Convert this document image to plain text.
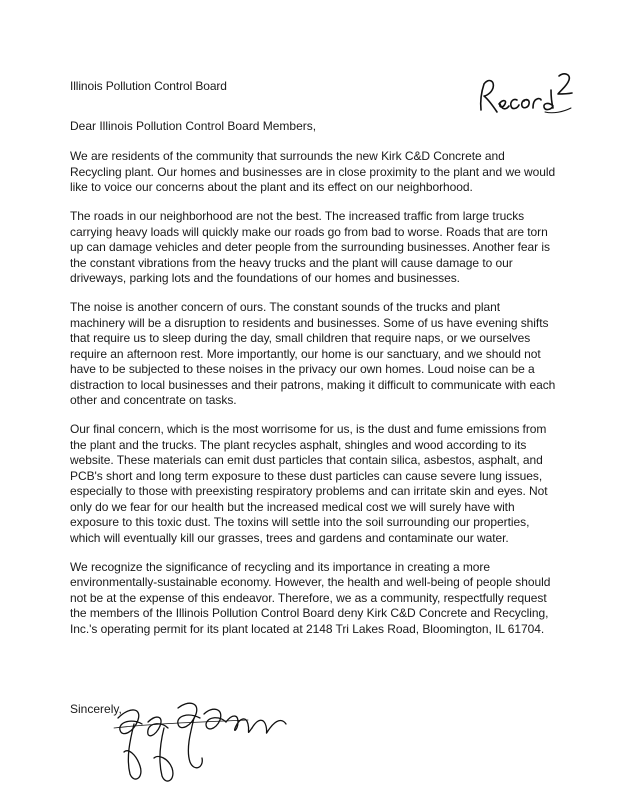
Illinois Pollution Control Board
Dear Illinois Pollution Control Board Members,

We are residents of the community that surrounds the new Kirk C&D Concrete and Recycling plant. Our homes and businesses are in close proximity to the plant and we would like to voice our concerns about the plant and its effect on our neighborhood.

The roads in our neighborhood are not the best. The increased traffic from large trucks carrying heavy loads will quickly make our roads go from bad to worse. Roads that are torn up can damage vehicles and deter people from the surrounding businesses. Another fear is the constant vibrations from the heavy trucks and the plant will cause damage to our driveways, parking lots and the foundations of our homes and businesses.

The noise is another concern of ours. The constant sounds of the trucks and plant machinery will be a disruption to residents and businesses. Some of us have evening shifts that require us to sleep during the day, small children that require naps, or we ourselves require an afternoon rest. More importantly, our home is our sanctuary, and we should not have to be subjected to these noises in the privacy our own homes. Loud noise can be a distraction to local businesses and their patrons, making it difficult to communicate with each other and concentrate on tasks.

Our final concern, which is the most worrisome for us, is the dust and fume emissions from the plant and the trucks. The plant recycles asphalt, shingles and wood according to its website. These materials can emit dust particles that contain silica, asbestos, asphalt, and PCB's short and long term exposure to these dust particles can cause severe lung issues, especially to those with preexisting respiratory problems and can irritate skin and eyes. Not only do we fear for our health but the increased medical cost we will surely have with exposure to this toxic dust. The toxins will settle into the soil surrounding our properties, which will eventually kill our grasses, trees and gardens and contaminate our water.

We recognize the significance of recycling and its importance in creating a more environmentally-sustainable economy. However, the health and well-being of people should not be at the expense of this endeavor. Therefore, we as a community, respectfully request the members of the Illinois Pollution Control Board deny Kirk C&D Concrete and Recycling, Inc.'s operating permit for its plant located at 2148 Tri Lakes Road, Bloomington, IL 61704.

Sincerely,
